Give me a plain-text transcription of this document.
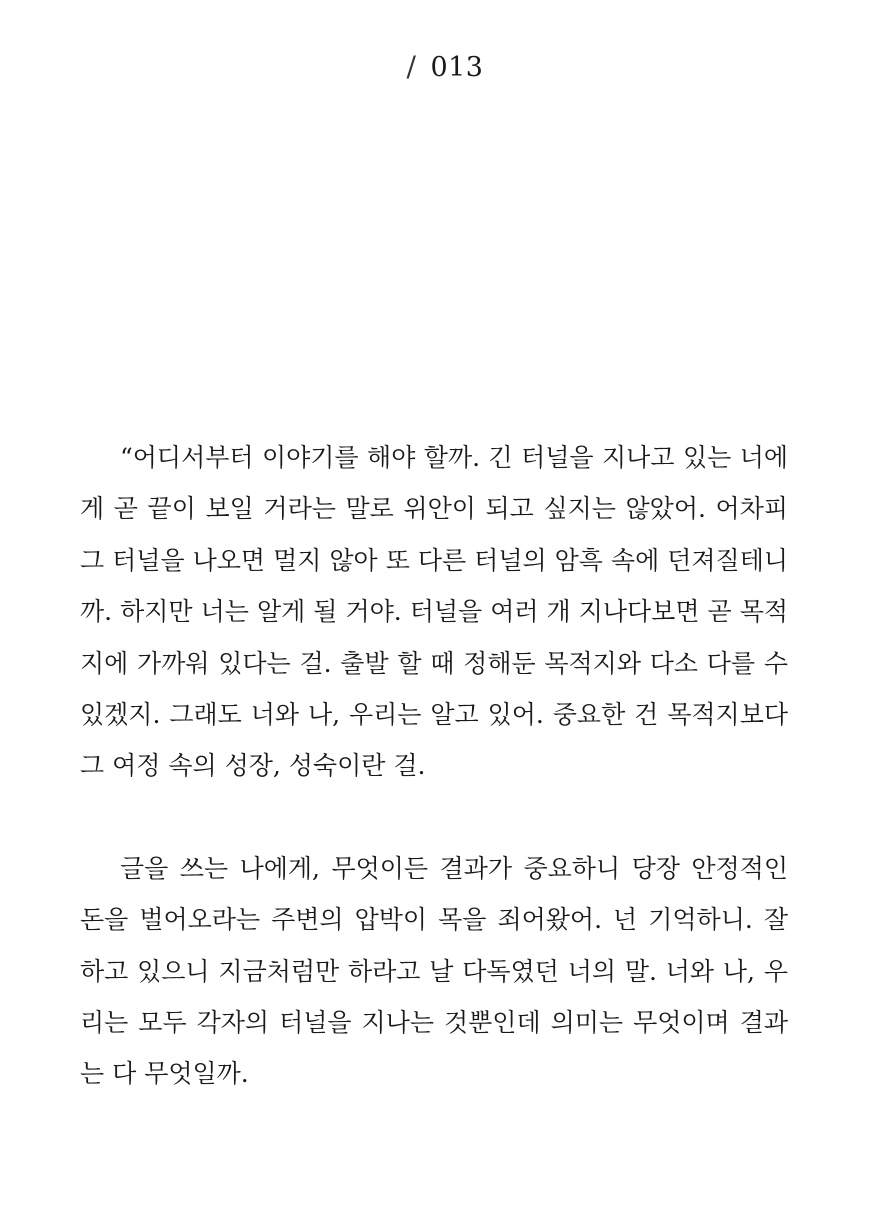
/ 013

“어디서부터 이야기를 해야 할까. 긴 터널을 지나고 있는 너에게 곧 끝이 보일 거라는 말로 위안이 되고 싶지는 않았어. 어차피 그 터널을 나오면 멀지 않아 또 다른 터널의 암흑 속에 던져질테니까. 하지만 너는 알게 될 거야. 터널을 여러 개 지나다보면 곧 목적지에 가까워 있다는 걸. 출발 할 때 정해둔 목적지와 다소 다를 수 있겠지. 그래도 너와 나, 우리는 알고 있어. 중요한 건 목적지보다 그 여정 속의 성장, 성숙이란 걸.

글을 쓰는 나에게, 무엇이든 결과가 중요하니 당장 안정적인 돈을 벌어오라는 주변의 압박이 목을 죄어왔어. 넌 기억하니. 잘 하고 있으니 지금처럼만 하라고 날 다독였던 너의 말. 너와 나, 우리는 모두 각자의 터널을 지나는 것뿐인데 의미는 무엇이며 결과는 다 무엇일까.
